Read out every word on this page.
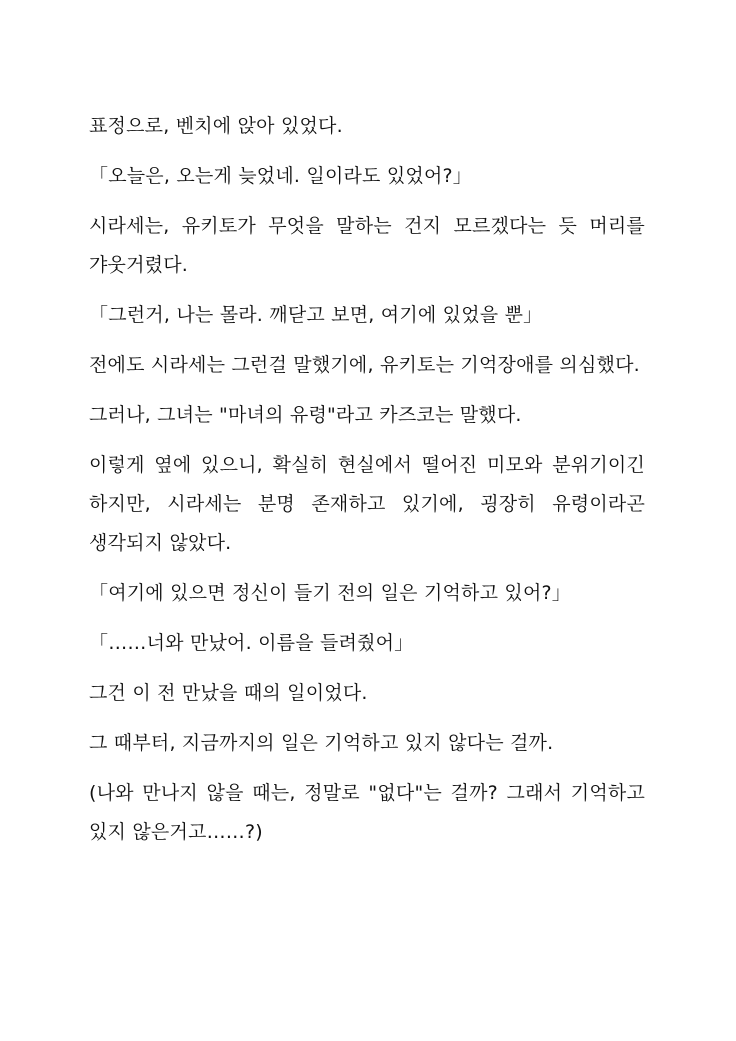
표정으로, 벤치에 앉아 있었다.

「오늘은, 오는게 늦었네. 일이라도 있었어?」

시라세는, 유키토가 무엇을 말하는 건지 모르겠다는 듯 머리를 갸웃거렸다.

「그런거, 나는 몰라. 깨닫고 보면, 여기에 있었을 뿐」

전에도 시라세는 그런걸 말했기에, 유키토는 기억장애를 의심했다.

그러나, 그녀는 "마녀의 유령"라고 카즈코는 말했다.

이렇게 옆에 있으니, 확실히 현실에서 떨어진 미모와 분위기이긴 하지만, 시라세는 분명 존재하고 있기에, 굉장히 유령이라곤 생각되지 않았다.

「여기에 있으면 정신이 들기 전의 일은 기억하고 있어?」

「……너와 만났어. 이름을 들려줬어」

그건 이 전 만났을 때의 일이었다.

그 때부터, 지금까지의 일은 기억하고 있지 않다는 걸까.

(나와 만나지 않을 때는, 정말로 "없다"는 걸까? 그래서 기억하고 있지 않은거고……?)
